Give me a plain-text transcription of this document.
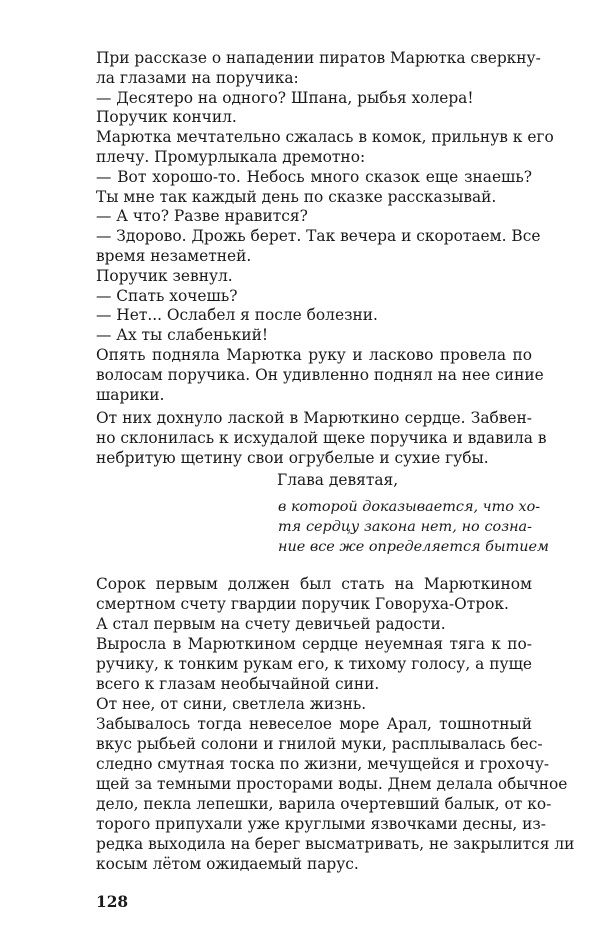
При рассказе о нападении пиратов Марютка сверкну-
ла глазами на поручика:
— Десятеро на одного? Шпана, рыбья холера!
Поручик кончил.
Марютка мечтательно сжалась в комок, прильнув к его
плечу. Промурлыкала дремотно:
— Вот хорошо-то. Небось много сказок еще знаешь?
Ты мне так каждый день по сказке рассказывай.
— А что? Разве нравится?
— Здорово. Дрожь берет. Так вечера и скоротаем. Все
время незаметней.
Поручик зевнул.
— Спать хочешь?
— Нет... Ослабел я после болезни.
— Ах ты слабенький!
Опять подняла Марютка руку и ласково провела по
волосам поручика. Он удивленно поднял на нее синие
шарики.
От них дохнуло лаской в Марюткино сердце. Забвен-
но склонилась к исхудалой щеке поручика и вдавила в
небритую щетину свои огрубелые и сухие губы.
Глава девятая,
в которой доказывается, что хо-
тя сердцу закона нет, но созна-
ние все же определяется бытием
Сорок первым должен был стать на Марюткином
смертном счету гвардии поручик Говоруха-Отрок.
А стал первым на счету девичьей радости.
Выросла в Марюткином сердце неуемная тяга к по-
ручику, к тонким рукам его, к тихому голосу, а пуще
всего к глазам необычайной сини.
От нее, от сини, светлела жизнь.
Забывалось тогда невеселое море Арал, тошнотный
вкус рыбьей солони и гнилой муки, расплывалась бес-
следно смутная тоска по жизни, мечущейся и грохочу-
щей за темными просторами воды. Днем делала обычное
дело, пекла лепешки, варила очертевший балык, от ко-
торого припухали уже круглыми язвочками десны, из-
редка выходила на берег высматривать, не закрылится ли
косым лётом ожидаемый парус.
128
